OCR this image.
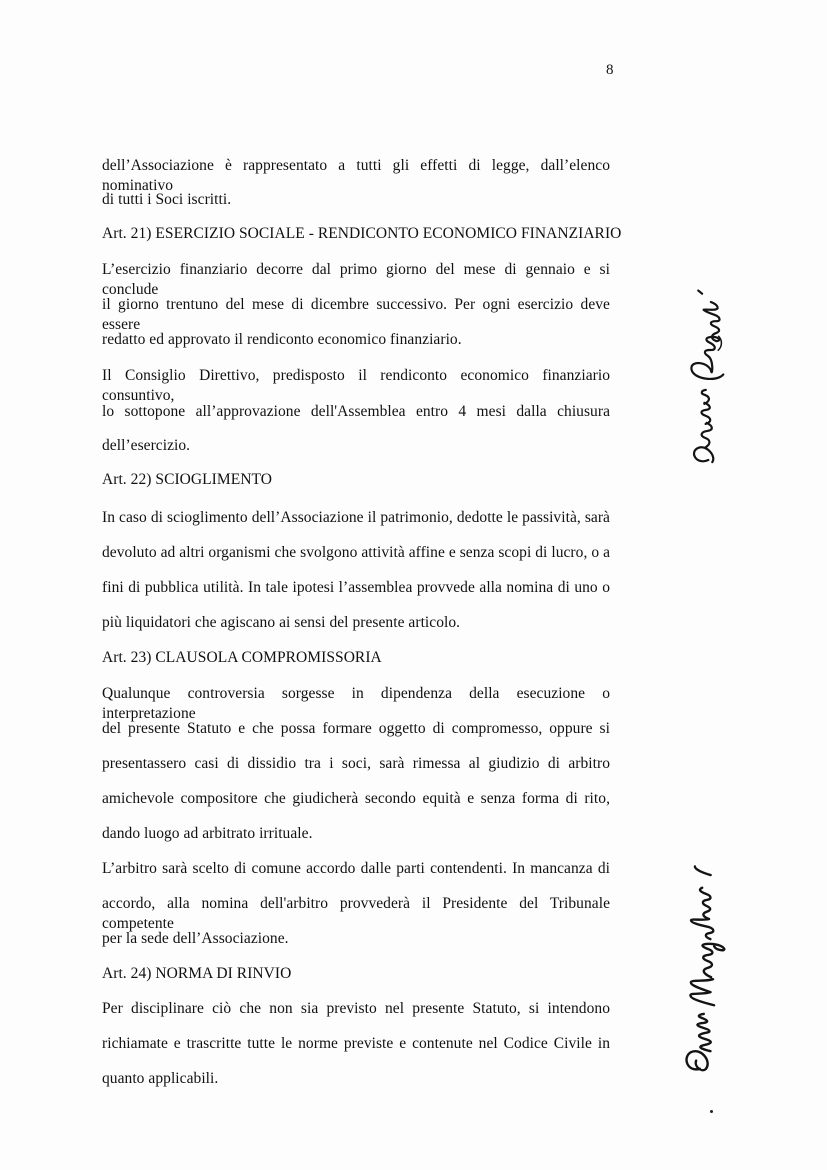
8
dell’Associazione è rappresentato a tutti gli effetti di legge, dall’elenco nominativo
di tutti i Soci iscritti.
Art. 21) ESERCIZIO SOCIALE - RENDICONTO ECONOMICO FINANZIARIO
L’esercizio finanziario decorre dal primo giorno del mese di gennaio e si conclude
il giorno trentuno del mese di dicembre successivo. Per ogni esercizio deve essere
redatto ed approvato il rendiconto economico finanziario.
Il Consiglio Direttivo, predisposto il rendiconto economico finanziario consuntivo,
lo sottopone all’approvazione dell'Assemblea entro 4 mesi dalla chiusura
dell’esercizio.
Art. 22) SCIOGLIMENTO
In caso di scioglimento dell’Associazione il patrimonio, dedotte le passività, sarà
devoluto ad altri organismi che svolgono attività affine e senza scopi di lucro, o a
fini di pubblica utilità. In tale ipotesi l’assemblea provvede alla nomina di uno o
più liquidatori che agiscano ai sensi del presente articolo.
Art. 23) CLAUSOLA COMPROMISSORIA
Qualunque controversia sorgesse in dipendenza della esecuzione o interpretazione
del presente Statuto e che possa formare oggetto di compromesso, oppure si
presentassero casi di dissidio tra i soci, sarà rimessa al giudizio di arbitro
amichevole compositore che giudicherà secondo equità e senza forma di rito,
dando luogo ad arbitrato irrituale.
L’arbitro sarà scelto di comune accordo dalle parti contendenti. In mancanza di
accordo, alla nomina dell'arbitro provvederà il Presidente del Tribunale competente
per la sede dell’Associazione.
Art. 24) NORMA DI RINVIO
Per disciplinare ciò che non sia previsto nel presente Statuto, si intendono
richiamate e trascritte tutte le norme previste e contenute nel Codice Civile in
quanto applicabili.
